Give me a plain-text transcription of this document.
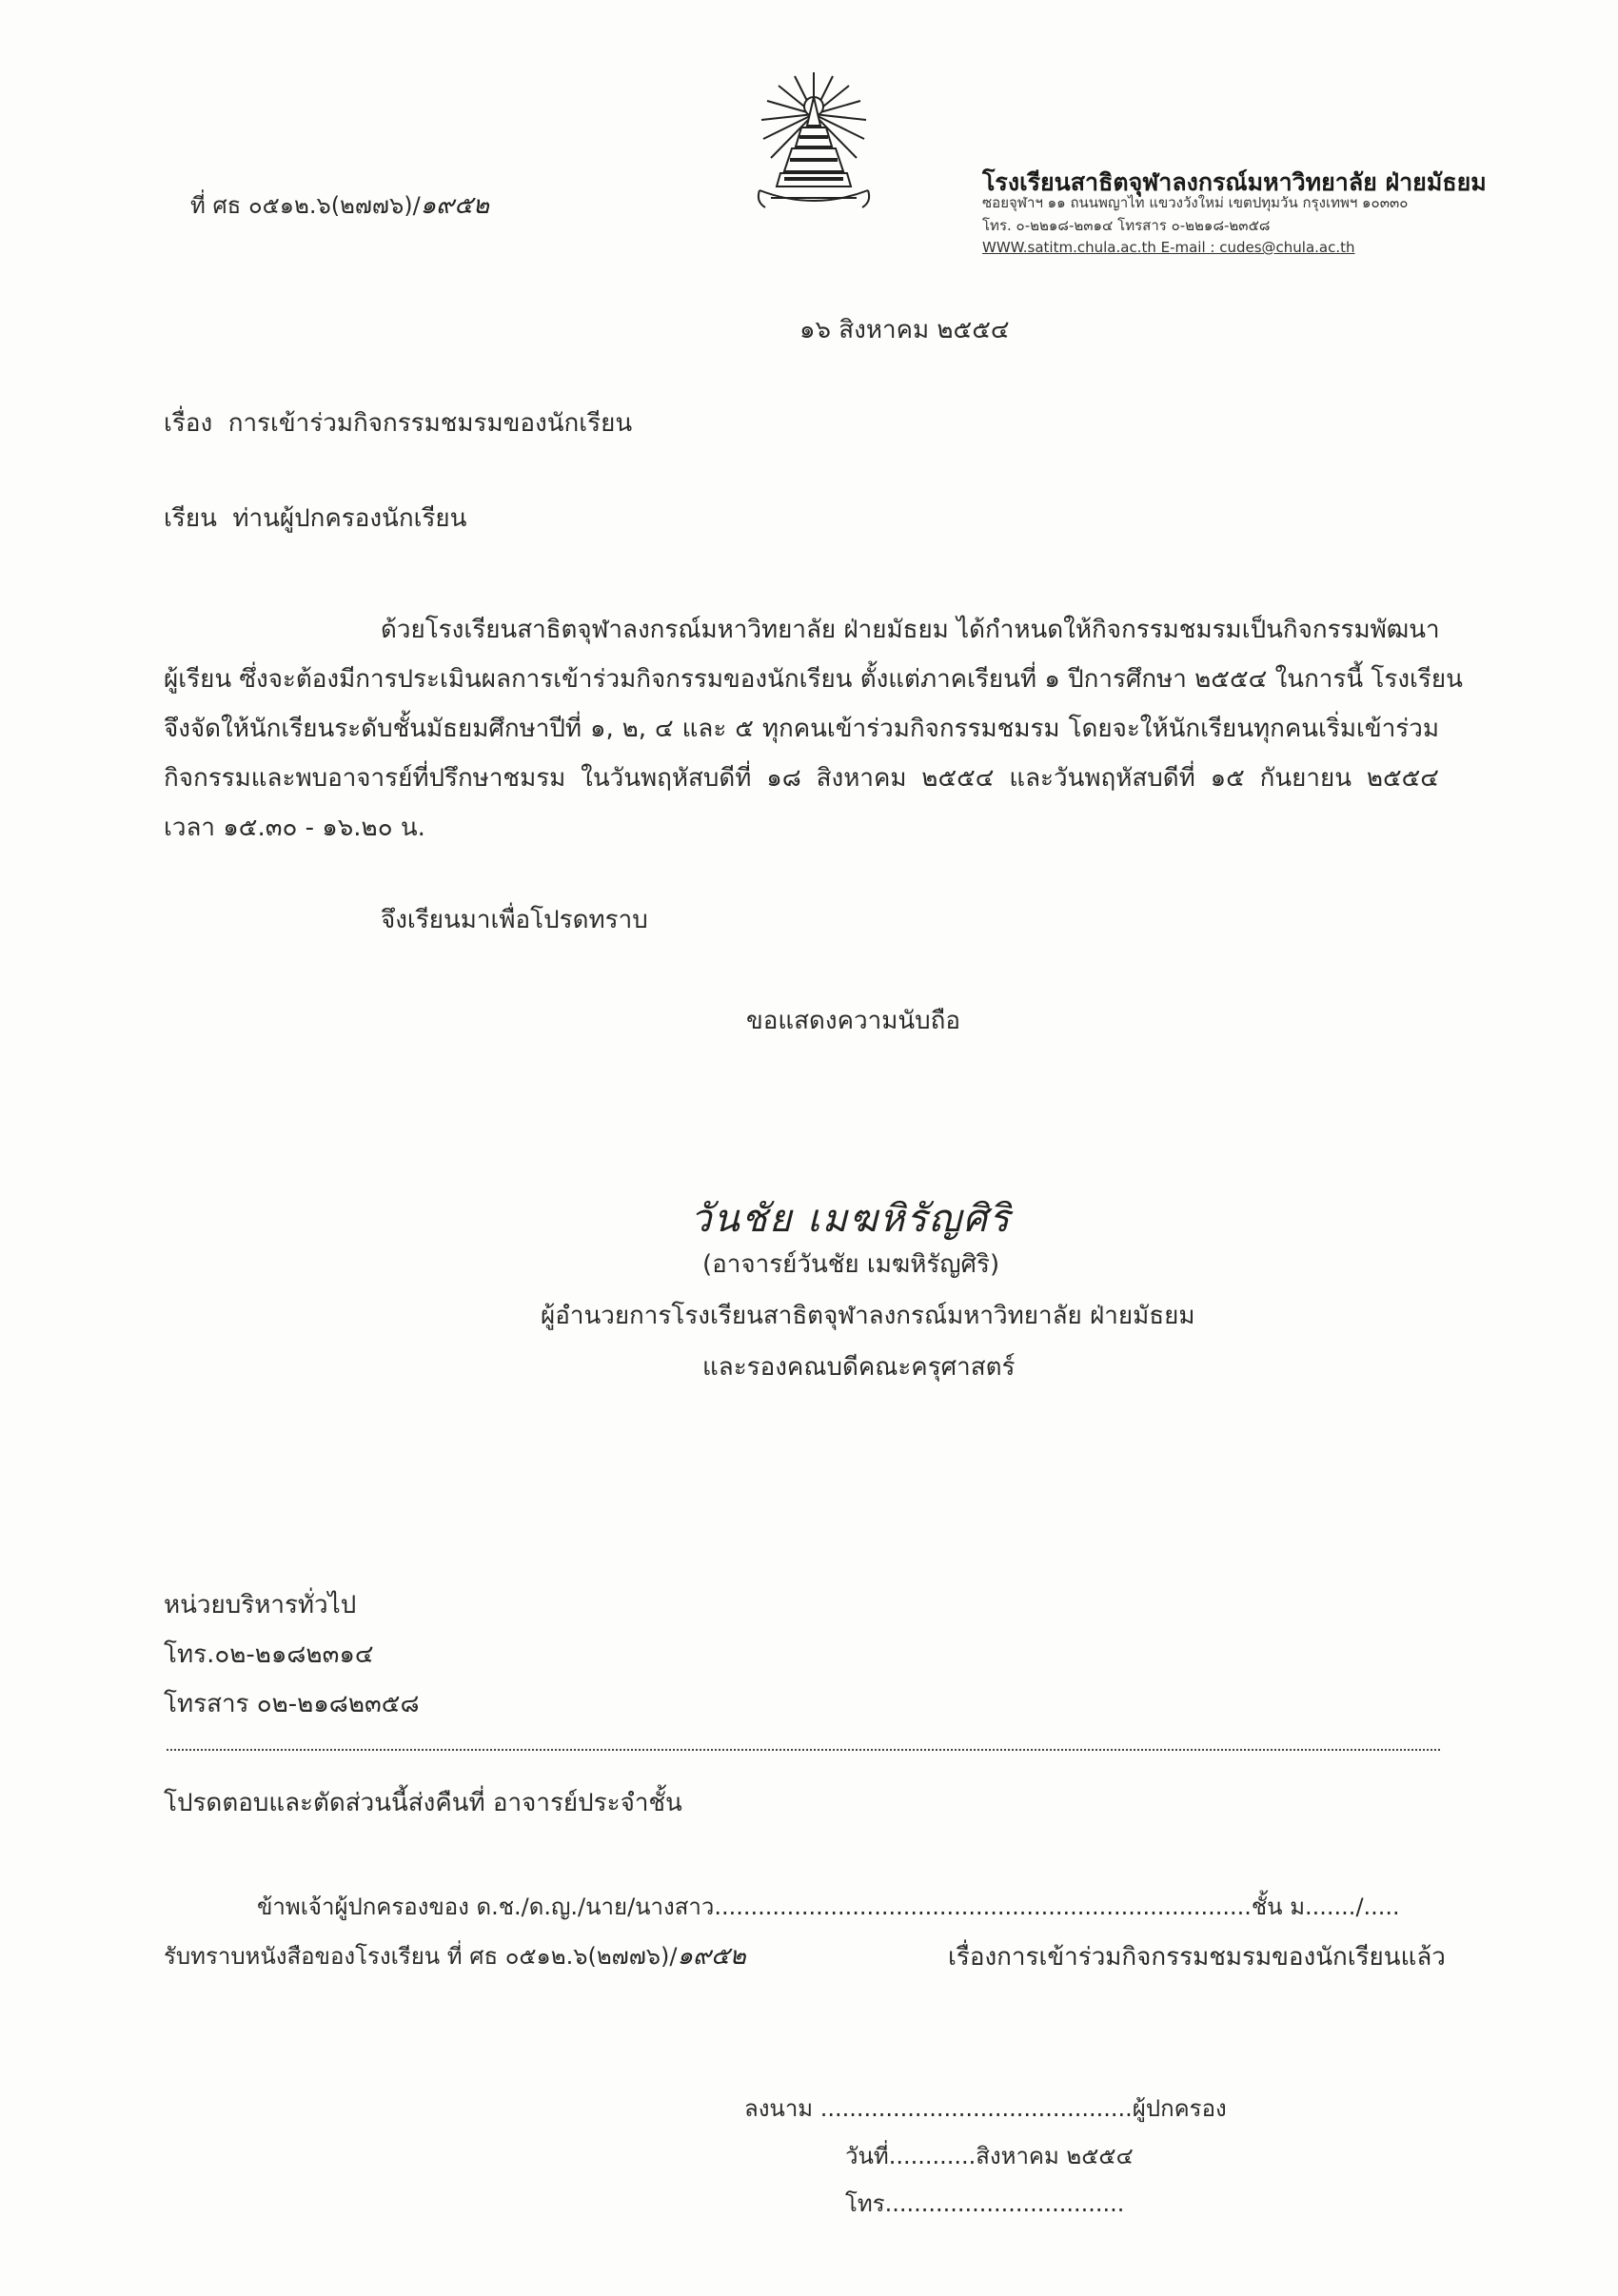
โรงเรียนสาธิตจุฬาลงกรณ์มหาวิทยาลัย ฝ่ายมัธยม
ซอยจุฬาฯ ๑๑ ถนนพญาไท แขวงวังใหม่ เขตปทุมวัน กรุงเทพฯ ๑๐๓๓๐
โทร. ๐-๒๒๑๘-๒๓๑๔ โทรสาร ๐-๒๒๑๘-๒๓๕๘
WWW.satitm.chula.ac.th E-mail : cudes@chula.ac.th
ที่ ศธ ๐๕๑๒.๖(๒๗๗๖)/๑๙๕๒
๑๖ สิงหาคม ๒๕๕๔
เรื่อง การเข้าร่วมกิจกรรมชมรมของนักเรียน
เรียน ท่านผู้ปกครองนักเรียน
ด้วยโรงเรียนสาธิตจุฬาลงกรณ์มหาวิทยาลัย ฝ่ายมัธยม ได้กำหนดให้กิจกรรมชมรมเป็นกิจกรรมพัฒนา
ผู้เรียน ซึ่งจะต้องมีการประเมินผลการเข้าร่วมกิจกรรมของนักเรียน ตั้งแต่ภาคเรียนที่ ๑ ปีการศึกษา ๒๕๕๔ ในการนี้ โรงเรียน
จึงจัดให้นักเรียนระดับชั้นมัธยมศึกษาปีที่ ๑, ๒, ๔ และ ๕ ทุกคนเข้าร่วมกิจกรรมชมรม โดยจะให้นักเรียนทุกคนเริ่มเข้าร่วม
กิจกรรมและพบอาจารย์ที่ปรึกษาชมรม ในวันพฤหัสบดีที่ ๑๘ สิงหาคม ๒๕๕๔ และวันพฤหัสบดีที่ ๑๕ กันยายน ๒๕๕๔
เวลา ๑๕.๓๐ - ๑๖.๒๐ น.
จึงเรียนมาเพื่อโปรดทราบ
ขอแสดงความนับถือ
วันชัย เมฆหิรัญศิริ
(อาจารย์วันชัย เมฆหิรัญศิริ)
ผู้อำนวยการโรงเรียนสาธิตจุฬาลงกรณ์มหาวิทยาลัย ฝ่ายมัธยม
และรองคณบดีคณะครุศาสตร์
หน่วยบริหารทั่วไป
โทร.๐๒-๒๑๘๒๓๑๔
โทรสาร ๐๒-๒๑๘๒๓๕๘
โปรดตอบและตัดส่วนนี้ส่งคืนที่ อาจารย์ประจำชั้น
ข้าพเจ้าผู้ปกครองของ ด.ช./ด.ญ./นาย/นางสาว..........................................................................ชั้น ม......./.....
รับทราบหนังสือของโรงเรียน ที่ ศธ ๐๕๑๒.๖(๒๗๗๖)/๑๙๕๒	เรื่องการเข้าร่วมกิจกรรมชมรมของนักเรียนแล้ว
ลงนาม ...........................................ผู้ปกครอง
วันที่............สิงหาคม ๒๕๕๔
โทร.................................
